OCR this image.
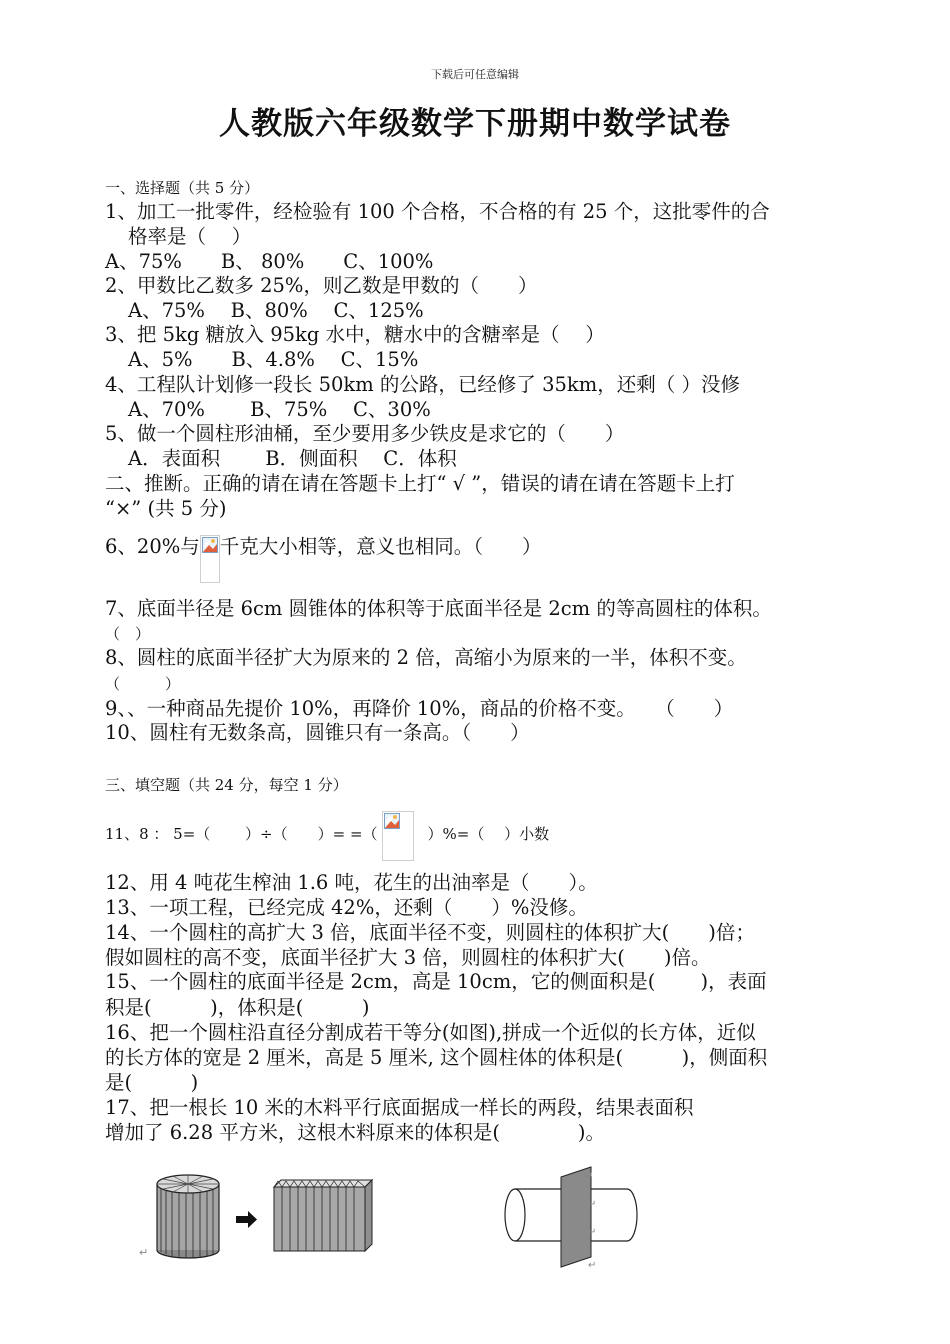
下载后可任意编辑
人教版六年级数学下册期中数学试卷
一、选择题（共 5 分）
1、加工一批零件，经检验有 100 个合格，不合格的有 25 个，这批零件的合
格率是（　 ）
A、75%　　B、 80%　　C、100%
2、甲数比乙数多 25%，则乙数是甲数的（　　）
A、75%　 B、80%　 C、125%
3、把 5kg 糖放入 95kg 水中，糖水中的含糖率是（　 ）
A、5%　　B、4.8%　 C、15%
4、工程队计划修一段长 50km 的公路，已经修了 35km，还剩（ ）没修
A、70%　　 B、75%　 C、30%
5、做一个圆柱形油桶，至少要用多少铁皮是求它的（　　）
A．表面积　　 B．侧面积　 C．体积
二、推断。正确的请在请在答题卡上打“ √ ”，错误的请在请在答题卡上打
“×” (共 5 分)
6、20%与 千克大小相等，意义也相同。（　　）
7、底面半径是 6cm 圆锥体的体积等于底面半径是 2cm 的等高圆柱的体积。
（　）
8、圆柱的底面半径扩大为原来的 2 倍，高缩小为原来的一半，体积不变。
（　　　）
9、、一种商品先提价 10%，再降价 10%，商品的价格不变。　　（　　）
10、圆柱有无数条高，圆锥只有一条高。（　　）
三、填空题（共 24 分，每空 1 分）
11、8 ： 5=（　　 ）÷（　　）= =（	）%=（　 ）小数
12、用 4 吨花生榨油 1.6 吨，花生的出油率是（　　）。
13、一项工程，已经完成 42%，还剩（　　）%没修。
14、一个圆柱的高扩大 3 倍，底面半径不变，则圆柱的体积扩大(　　)倍；
假如圆柱的高不变，底面半径扩大 3 倍，则圆柱的体积扩大(　　)倍。
15、一个圆柱的底面半径是 2cm，高是 10cm，它的侧面积是(　　 )，表面
积是(　　　)，体积是(　　　)
16、把一个圆柱沿直径分割成若干等分(如图),拼成一个近似的长方体，近似
的长方体的宽是 2 厘米，高是 5 厘米, 这个圆柱体的体积是(　　　)，侧面积
是(　　　)
17、把一根长 10 米的木料平行底面据成一样长的两段，结果表面积
增加了 6.28 平方米，这根木料原来的体积是(　　　　)。
↵
↵
↵
↵
↵
